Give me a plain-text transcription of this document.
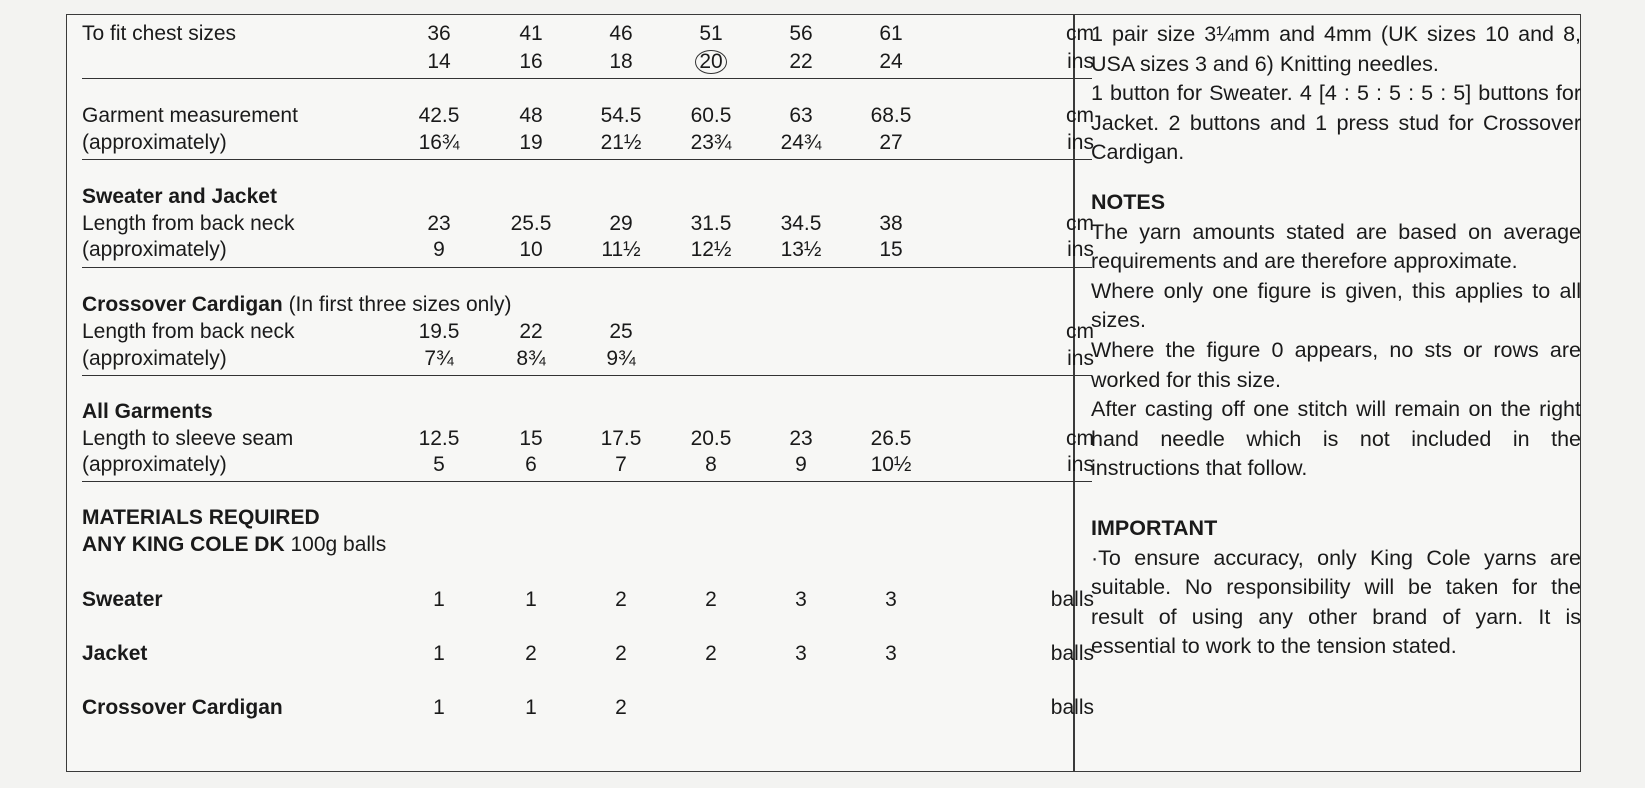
To fit chest sizes	36	41	46	51	56	61	cm
14	16	18	20	22	24	ins
Garment measurement	42.5	48	54.5	60.5	63	68.5	cm
(approximately)	16¾	19	21½	23¾	24¾	27	ins
Sweater and Jacket
Length from back neck	23	25.5	29	31.5	34.5	38	cm
(approximately)	9	10	11½	12½	13½	15	ins
Crossover Cardigan (In first three sizes only)
Length from back neck	19.5	22	25	cm
(approximately)	7¾	8¾	9¾	ins
All Garments
Length to sleeve seam	12.5	15	17.5	20.5	23	26.5	cm
(approximately)	5	6	7	8	9	10½	ins
MATERIALS REQUIRED
ANY KING COLE DK 100g balls
Sweater	1	1	2	2	3	3	balls
Jacket	1	2	2	2	3	3	balls
Crossover Cardigan	1	1	2	balls

1 pair size 3¼mm and 4mm (UK sizes 10 and 8, USA sizes 3 and 6) Knitting needles.

1 button for Sweater. 4 [4 : 5 : 5 : 5 : 5] buttons for Jacket. 2 buttons and 1 press stud for Crossover Cardigan.

NOTES

The yarn amounts stated are based on average requirements and are therefore approximate.

Where only one figure is given, this applies to all sizes.

Where the figure 0 appears, no sts or rows are worked for this size.

After casting off one stitch will remain on the right hand needle which is not included in the instructions that follow.

IMPORTANT

·To ensure accuracy, only King Cole yarns are suitable. No responsibility will be taken for the result of using any other brand of yarn. It is essential to work to the tension stated.
